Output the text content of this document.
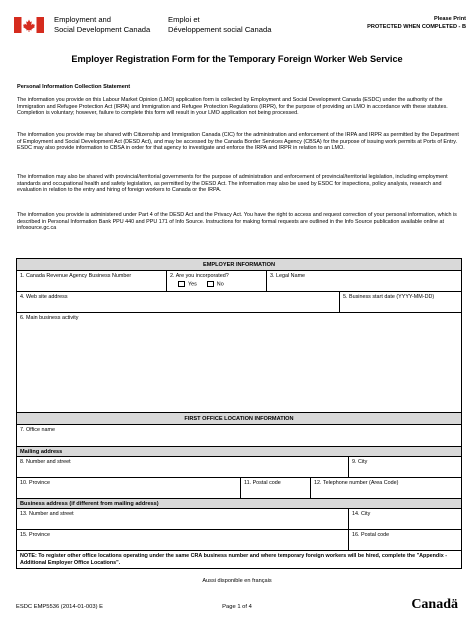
Employment and
Social Development Canada
Emploi et
Développement social Canada
Please Print
PROTECTED WHEN COMPLETED - B
Employer Registration Form for the Temporary Foreign Worker Web Service
Personal Information Collection Statement
The information you provide on this Labour Market Opinion (LMO) application form is collected by Employment and Social Development Canada (ESDC) under the authority of the Immigration and Refugee Protection Act (IRPA) and Immigration and Refugee Protection Regulations (IRPR), for the purpose of providing an LMO in accordance with these statutes. Completion is voluntary; however, failure to complete this form will result in your LMO application not being processed.
The information you provide may be shared with Citizenship and Immigration Canada (CIC) for the administration and enforcement of the IRPA and IRPR as permitted by the Department of Employment and Social Development Act (DESD Act), and may be accessed by the Canada Border Services Agency (CBSA) for the purpose of issuing work permits at Ports of Entry. ESDC may also provide information to CBSA in order for that agency to investigate and enforce the IRPA and IRPR in relation to an LMO.
The information may also be shared with provincial/territorial governments for the purpose of administration and enforcement of provincial/territorial legislation, including employment standards and occupational health and safety legislation, as permitted by the DESD Act. The information may also be used by ESDC for inspections, policy analysis, research and evaluation in relation to the entry and hiring of foreign workers to Canada or the IRPA.
The information you provide is administered under Part 4 of the DESD Act and the Privacy Act. You have the right to access and request correction of your personal information, which is described in Personal Information Bank PPU 440 and PPU 171 of Info Source. Instructions for making formal requests are outlined in the Info Source publication available online at infosource.gc.ca
EMPLOYER INFORMATION
1. Canada Revenue Agency Business Number	2. Are you incorporated?
Yes	No
3. Legal Name
4. Web site address	5. Business start date (YYYY-MM-DD)
6. Main business activity
FIRST OFFICE LOCATION INFORMATION
7. Office name
Mailing address
8. Number and street	9. City
10. Province	11. Postal code	12. Telephone number (Area Code)
Business address (if different from mailing address)
13. Number and street	14. City
15. Province	16. Postal code
NOTE: To register other office locations operating under the same CRA business number and where temporary foreign workers will be hired, complete the "Appendix - Additional Employer Office Locations".
Aussi disponible en français
ESDC EMP5536 (2014-01-003) E	Page 1 of 4	Canadä
